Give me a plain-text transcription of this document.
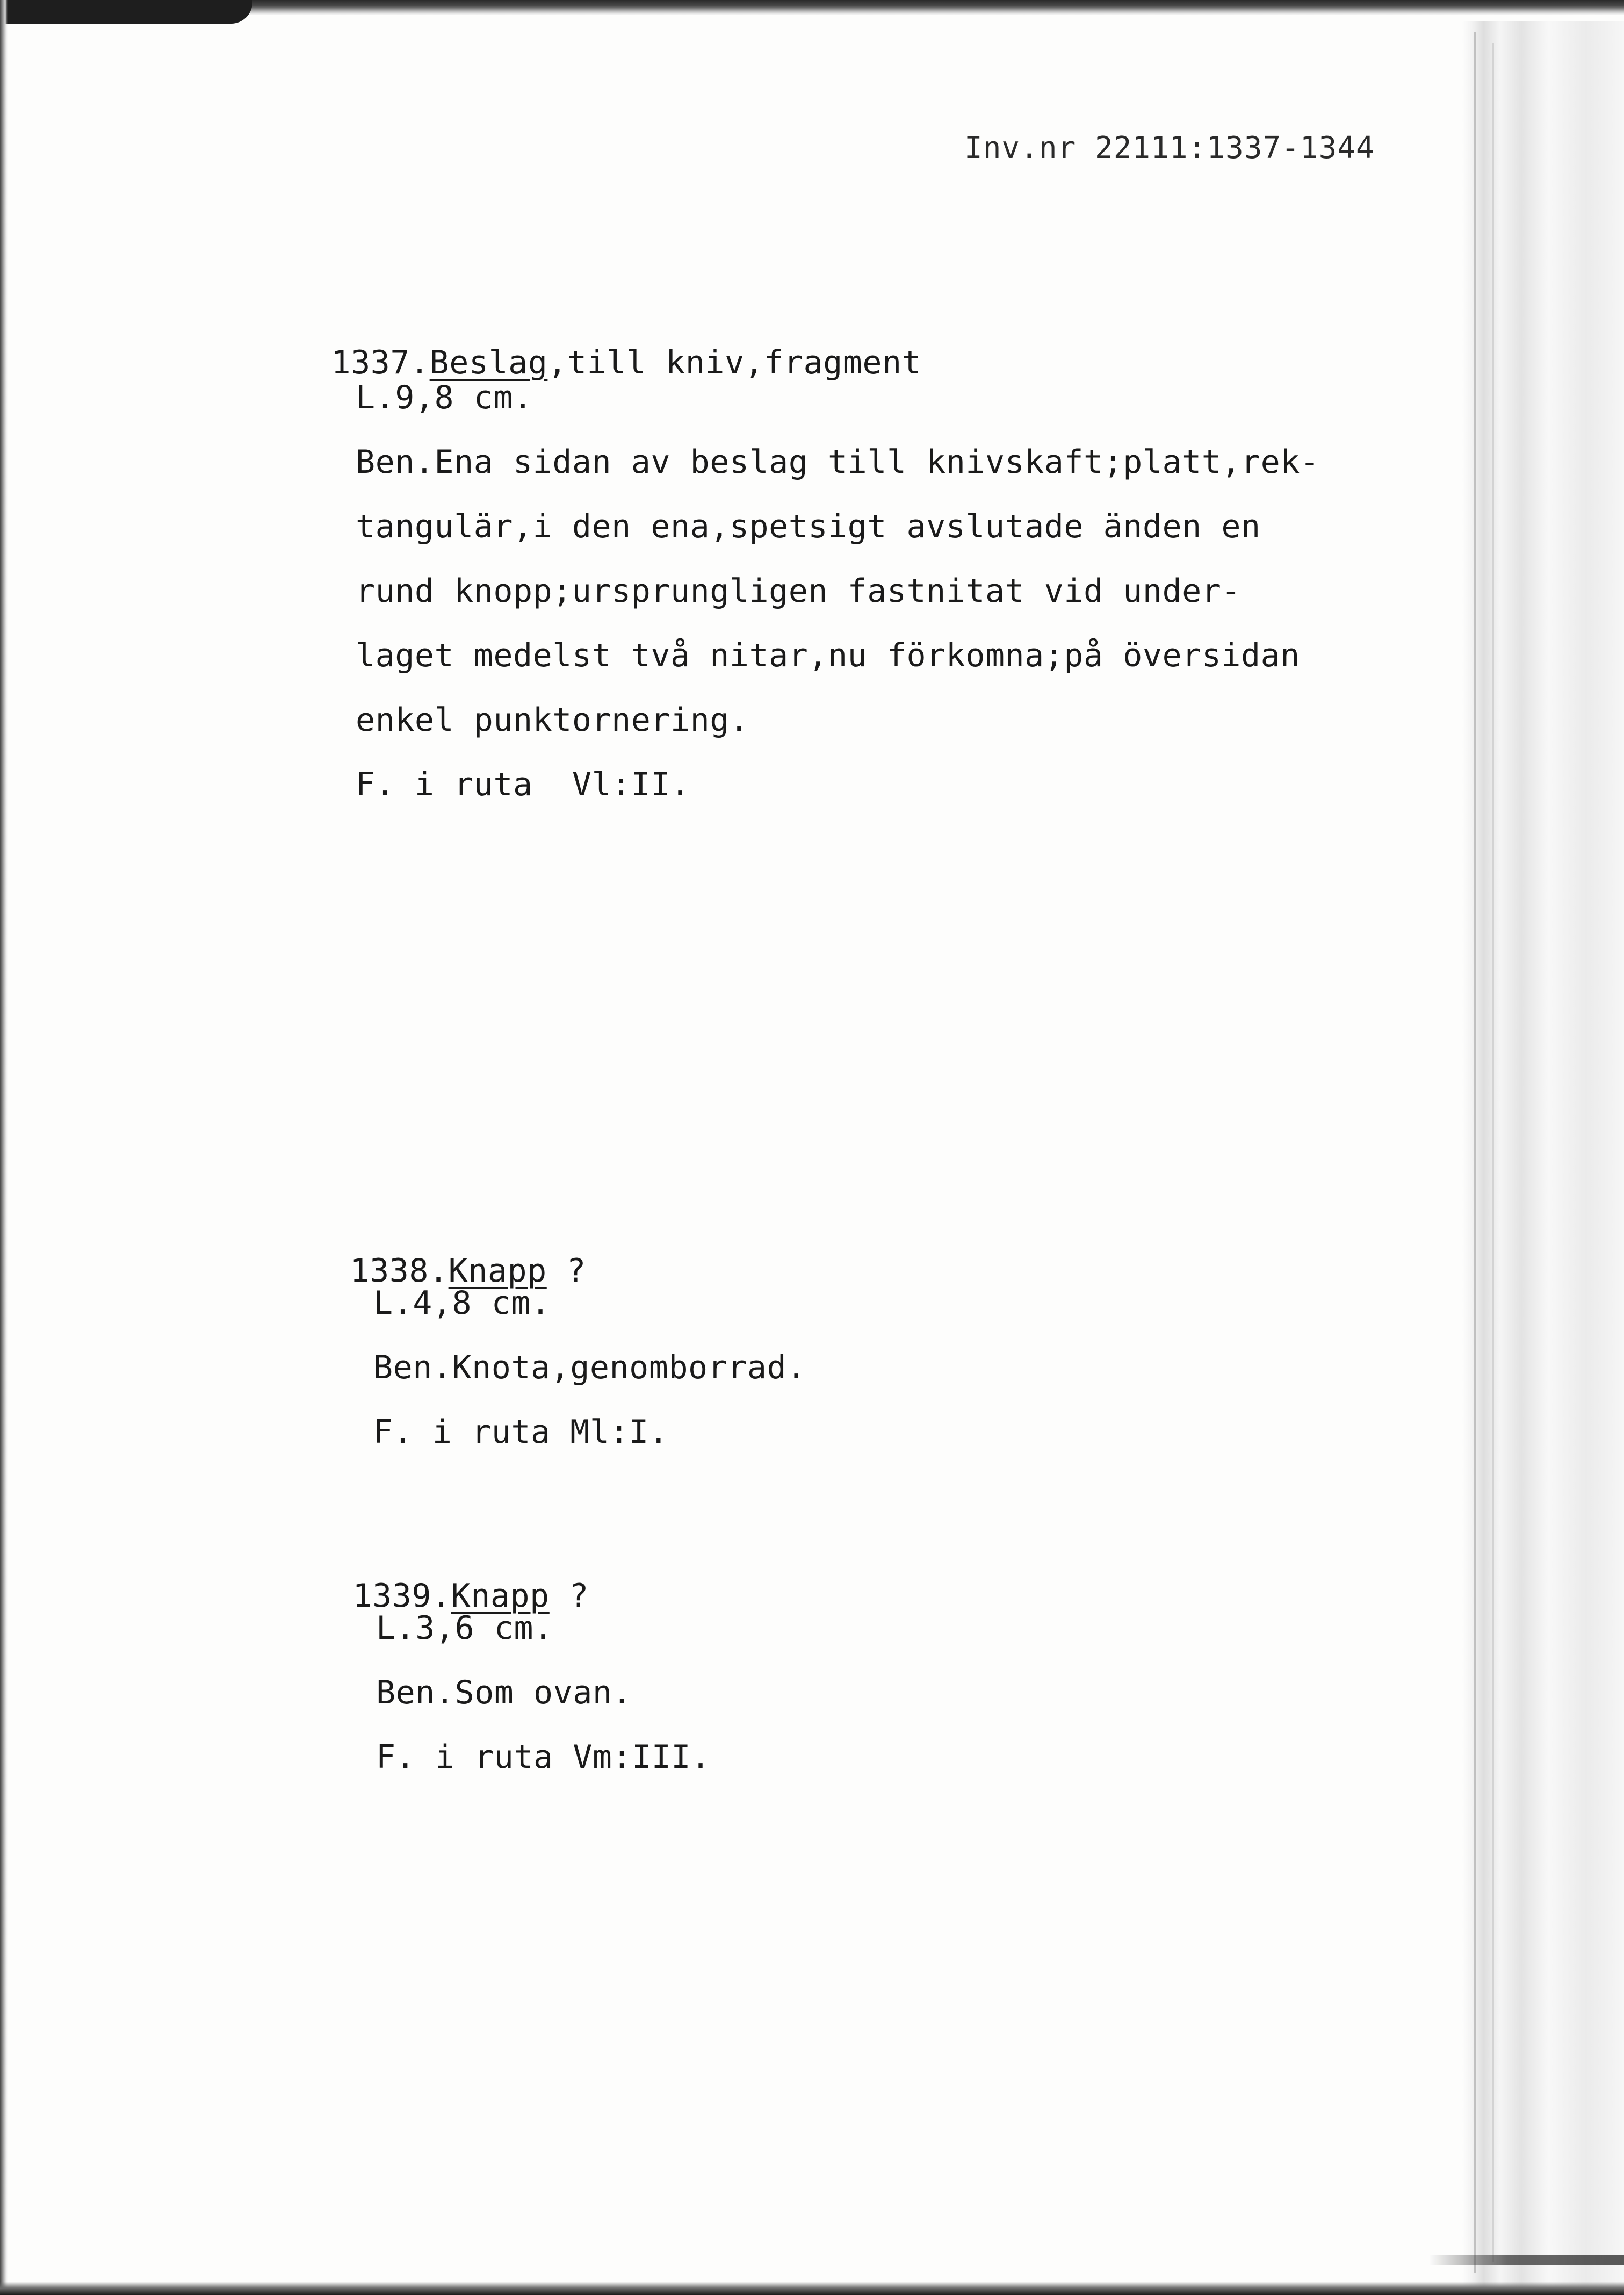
Inv.nr 22111:1337-1344

1337.Beslag,till kniv,fragment

L.9,8 cm.
Ben.Ena sidan av beslag till knivskaft;platt,rek-
tangulär,i den ena,spetsigt avslutade änden en
rund knopp;ursprungligen fastnitat vid under-
laget medelst två nitar,nu förkomna;på översidan
enkel punktornering.
F. i ruta  Vl:II.

1338.Knapp ?

L.4,8 cm.
Ben.Knota,genomborrad.
F. i ruta Ml:I.

1339.Knapp ?

L.3,6 cm.
Ben.Som ovan.
F. i ruta Vm:III.
